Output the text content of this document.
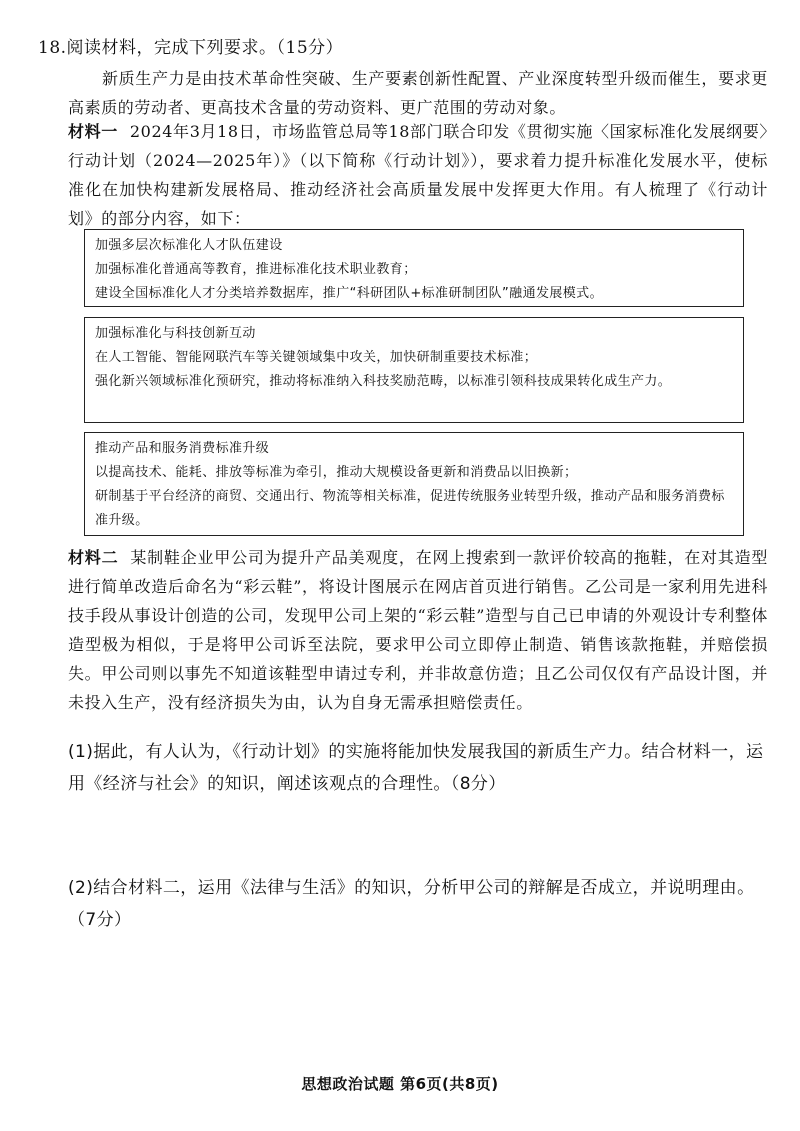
18.阅读材料，完成下列要求。（15分）
新质生产力是由技术革命性突破、生产要素创新性配置、产业深度转型升级而催生，要求更高素质的劳动者、更高技术含量的劳动资料、更广范围的劳动对象。
材料一 2024年3月18日，市场监管总局等18部门联合印发《贯彻实施〈国家标准化发展纲要〉行动计划（2024—2025年）》（以下简称《行动计划》），要求着力提升标准化发展水平，使标准化在加快构建新发展格局、推动经济社会高质量发展中发挥更大作用。有人梳理了《行动计划》的部分内容，如下：
加强多层次标准化人才队伍建设
加强标准化普通高等教育，推进标准化技术职业教育；
建设全国标准化人才分类培养数据库，推广“科研团队+标准研制团队”融通发展模式。
加强标准化与科技创新互动
在人工智能、智能网联汽车等关键领域集中攻关，加快研制重要技术标准；
强化新兴领域标准化预研究，推动将标准纳入科技奖励范畴，以标准引领科技成果转化成生产力。
推动产品和服务消费标准升级
以提高技术、能耗、排放等标准为牵引，推动大规模设备更新和消费品以旧换新；
研制基于平台经济的商贸、交通出行、物流等相关标准，促进传统服务业转型升级，推动产品和服务消费标准升级。
材料二 某制鞋企业甲公司为提升产品美观度，在网上搜索到一款评价较高的拖鞋，在对其造型进行简单改造后命名为“彩云鞋”，将设计图展示在网店首页进行销售。乙公司是一家利用先进科技手段从事设计创造的公司，发现甲公司上架的“彩云鞋”造型与自己已申请的外观设计专利整体造型极为相似，于是将甲公司诉至法院，要求甲公司立即停止制造、销售该款拖鞋，并赔偿损失。甲公司则以事先不知道该鞋型申请过专利，并非故意仿造；且乙公司仅仅有产品设计图，并未投入生产，没有经济损失为由，认为自身无需承担赔偿责任。
(1)据此，有人认为，《行动计划》的实施将能加快发展我国的新质生产力。结合材料一，运用《经济与社会》的知识，阐述该观点的合理性。（8分）
(2)结合材料二，运用《法律与生活》的知识，分析甲公司的辩解是否成立，并说明理由。（7分）
思想政治试题 第6页(共8页)
